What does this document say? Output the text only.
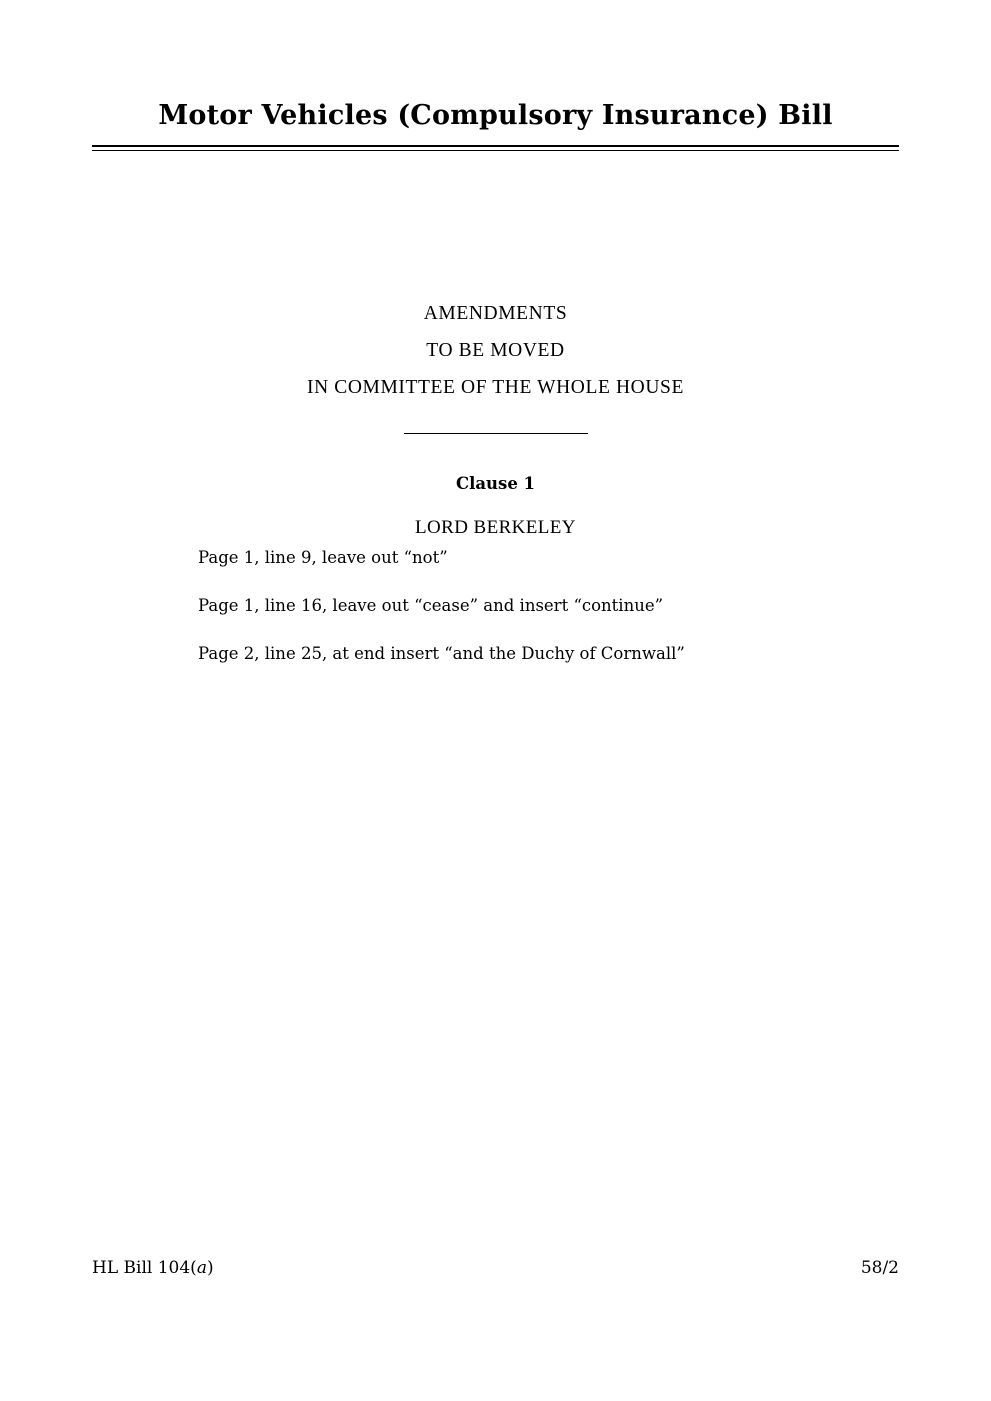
Motor Vehicles (Compulsory Insurance) Bill
AMENDMENTS
TO BE MOVED
IN COMMITTEE OF THE WHOLE HOUSE
Clause 1
LORD BERKELEY
Page 1, line 9, leave out “not”
Page 1, line 16, leave out “cease” and insert “continue”
Page 2, line 25, at end insert “and the Duchy of Cornwall”
HL Bill 104(a)	58/2
